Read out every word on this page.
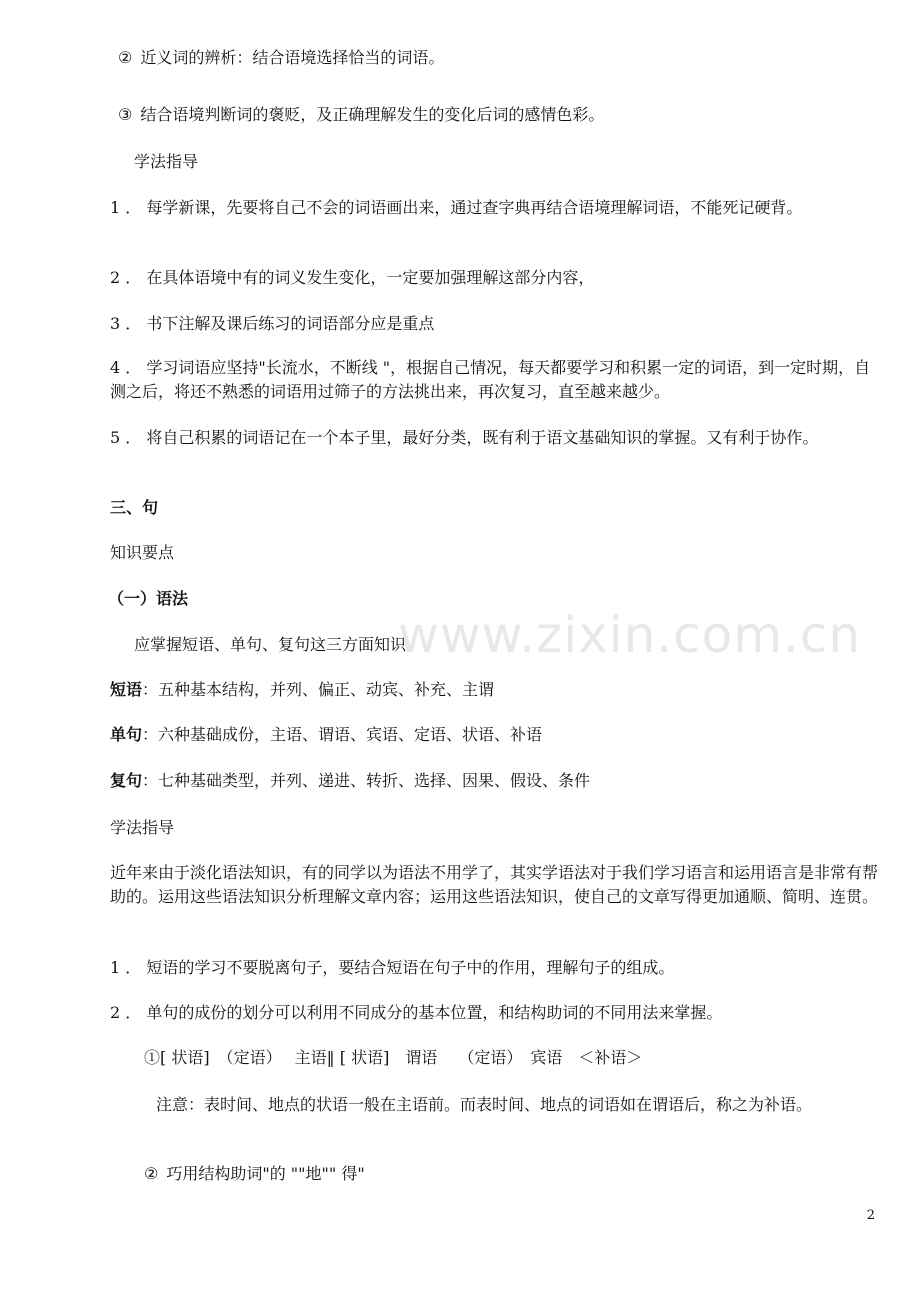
② 近义词的辨析：结合语境选择恰当的词语。

③ 结合语境判断词的褒贬，及正确理解发生的变化后词的感情色彩。

学法指导

1 ． 每学新课，先要将自己不会的词语画出来，通过查字典再结合语境理解词语，不能死记硬背。

2 ． 在具体语境中有的词义发生变化，一定要加强理解这部分内容，

3 ． 书下注解及课后练习的词语部分应是重点

4 ． 学习词语应坚持"长流水，不断线 "，根据自己情况，每天都要学习和积累一定的词语，到一定时期，自测之后，将还不熟悉的词语用过筛子的方法挑出来，再次复习，直至越来越少。

5 ． 将自己积累的词语记在一个本子里，最好分类，既有利于语文基础知识的掌握。又有利于协作。

三、句

知识要点

（一）语法

应掌握短语、单句、复句这三方面知识

短语：五种基本结构，并列、偏正、动宾、补充、主谓

单句：六种基础成份，主语、谓语、宾语、定语、状语、补语

复句：七种基础类型，并列、递进、转折、选择、因果、假设、条件

学法指导

近年来由于淡化语法知识，有的同学以为语法不用学了，其实学语法对于我们学习语言和运用语言是非常有帮助的。运用这些语法知识分析理解文章内容；运用这些语法知识，使自己的文章写得更加通顺、简明、连贯。

1 ． 短语的学习不要脱离句子，要结合短语在句子中的作用，理解句子的组成。

2 ． 单句的成份的划分可以利用不同成分的基本位置，和结构助词的不同用法来掌握。

①[ 状语]　（定语）　 主语‖ [ 状语]　谓语　 （定语）　宾语　＜补语＞

注意：表时间、地点的状语一般在主语前。而表时间、地点的词语如在谓语后，称之为补语。

② 巧用结构助词"的 ""地"" 得"

www.zixin.com.cn
2
